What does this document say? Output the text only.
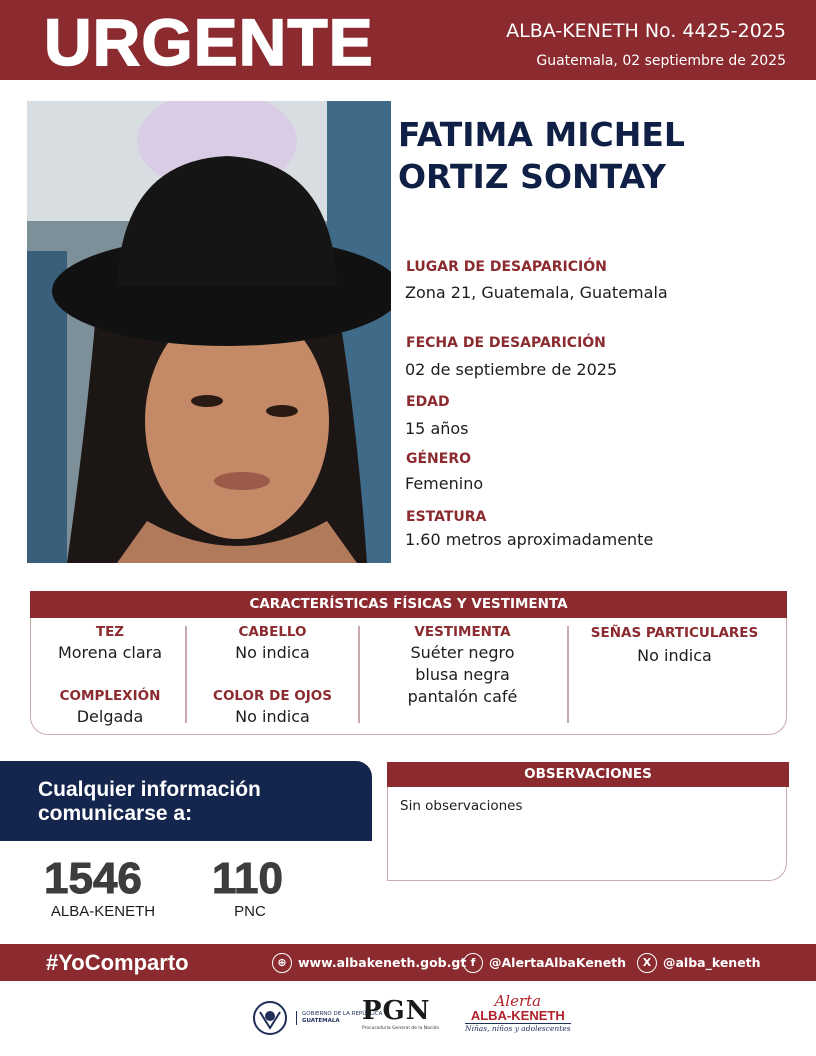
URGENTE	ALBA-KENETH No. 4425-2025
Guatemala, 02 septiembre de 2025
FATIMA MICHEL
ORTIZ SONTAY
LUGAR DE DESAPARICIÓN
Zona 21, Guatemala, Guatemala
FECHA DE DESAPARICIÓN
02 de septiembre de 2025
EDAD
15 años
GÉNERO
Femenino
ESTATURA
1.60 metros aproximadamente
CARACTERÍSTICAS FÍSICAS Y VESTIMENTA
TEZ
Morena clara
COMPLEXIÓN
Delgada
CABELLO
No indica
COLOR DE OJOS
No indica
VESTIMENTA
Suéter negro
blusa negra
pantalón café
SEÑAS PARTICULARES
No indica
Cualquier información
comunicarse a:
1546
ALBA-KENETH
110
PNC
OBSERVACIONES
Sin observaciones
#YoComparto	⊕ www.albakeneth.gob.gt f	@AlertaAlbaKeneth	X @alba_keneth
GOBIERNO DE LA REPÚBLICA
GUATEMALA PGN
Procuraduría General de la Nación
Alerta
ALBA-KENETH
Niñas, niños y adolescentes
